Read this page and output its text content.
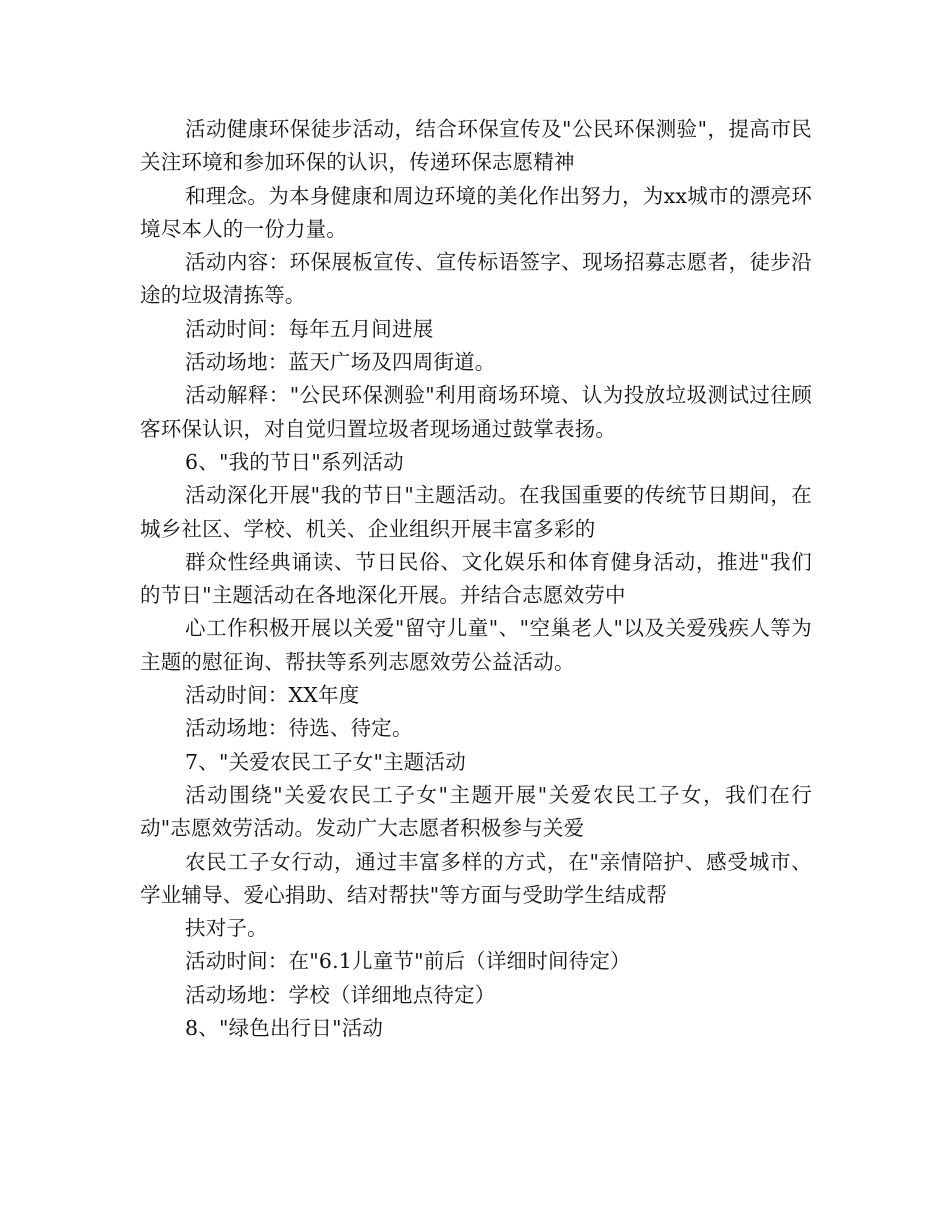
活动健康环保徒步活动，结合环保宣传及"公民环保测验"，提高市民关注环境和参加环保的认识，传递环保志愿精神

和理念。为本身健康和周边环境的美化作出努力，为xx城市的漂亮环境尽本人的一份力量。

活动内容：环保展板宣传、宣传标语签字、现场招募志愿者，徒步沿途的垃圾清拣等。

活动时间：每年五月间进展

活动场地：蓝天广场及四周街道。

活动解释："公民环保测验"利用商场环境、认为投放垃圾测试过往顾客环保认识，对自觉归置垃圾者现场通过鼓掌表扬。

6、"我的节日"系列活动

活动深化开展"我的节日"主题活动。在我国重要的传统节日期间，在城乡社区、学校、机关、企业组织开展丰富多彩的

群众性经典诵读、节日民俗、文化娱乐和体育健身活动，推进"我们的节日"主题活动在各地深化开展。并结合志愿效劳中

心工作积极开展以关爱"留守儿童"、"空巢老人"以及关爱残疾人等为主题的慰征询、帮扶等系列志愿效劳公益活动。

活动时间：XX年度

活动场地：待选、待定。

7、"关爱农民工子女"主题活动

活动围绕"关爱农民工子女"主题开展"关爱农民工子女，我们在行动"志愿效劳活动。发动广大志愿者积极参与关爱

农民工子女行动，通过丰富多样的方式，在"亲情陪护、感受城市、学业辅导、爱心捐助、结对帮扶"等方面与受助学生结成帮

扶对子。

活动时间：在"6.1儿童节"前后（详细时间待定）

活动场地：学校（详细地点待定）

8、"绿色出行日"活动
